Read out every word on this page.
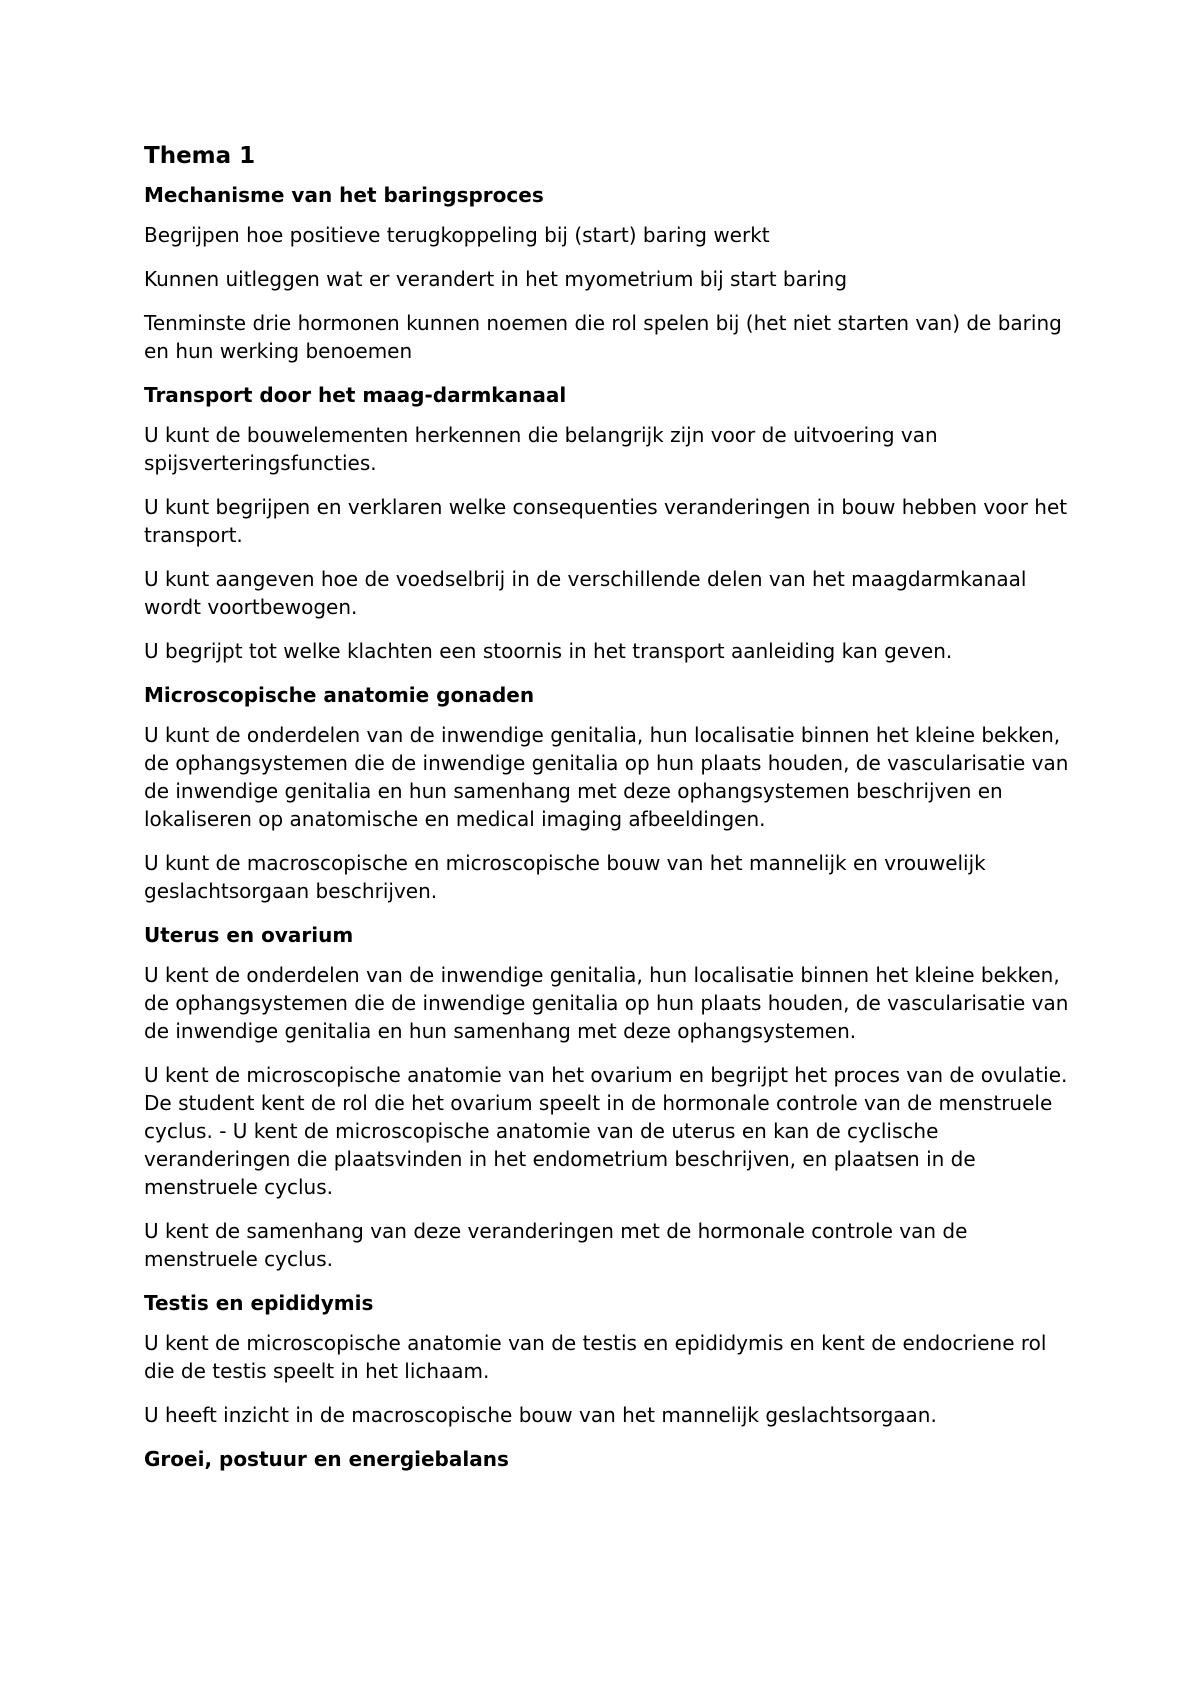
Thema 1
Mechanisme van het baringsproces
Begrijpen hoe positieve terugkoppeling bij (start) baring werkt
Kunnen uitleggen wat er verandert in het myometrium bij start baring
Tenminste drie hormonen kunnen noemen die rol spelen bij (het niet starten van) de baring en hun werking benoemen
Transport door het maag-darmkanaal
U kunt de bouwelementen herkennen die belangrijk zijn voor de uitvoering van spijsverteringsfuncties.
U kunt begrijpen en verklaren welke consequenties veranderingen in bouw hebben voor het transport.
U kunt aangeven hoe de voedselbrij in de verschillende delen van het maagdarmkanaal wordt voortbewogen.
U begrijpt tot welke klachten een stoornis in het transport aanleiding kan geven.
Microscopische anatomie gonaden
U kunt de onderdelen van de inwendige genitalia, hun localisatie binnen het kleine bekken, de ophangsystemen die de inwendige genitalia op hun plaats houden, de vascularisatie van de inwendige genitalia en hun samenhang met deze ophangsystemen beschrijven en lokaliseren op anatomische en medical imaging afbeeldingen.
U kunt de macroscopische en microscopische bouw van het mannelijk en vrouwelijk geslachtsorgaan beschrijven.
Uterus en ovarium
U kent de onderdelen van de inwendige genitalia, hun localisatie binnen het kleine bekken, de ophangsystemen die de inwendige genitalia op hun plaats houden, de vascularisatie van de inwendige genitalia en hun samenhang met deze ophangsystemen.
U kent de microscopische anatomie van het ovarium en begrijpt het proces van de ovulatie. De student kent de rol die het ovarium speelt in de hormonale controle van de menstruele cyclus. - U kent de microscopische anatomie van de uterus en kan de cyclische veranderingen die plaatsvinden in het endometrium beschrijven, en plaatsen in de menstruele cyclus.
U kent de samenhang van deze veranderingen met de hormonale controle van de menstruele cyclus.
Testis en epididymis
U kent de microscopische anatomie van de testis en epididymis en kent de endocriene rol die de testis speelt in het lichaam.
U heeft inzicht in de macroscopische bouw van het mannelijk geslachtsorgaan.
Groei, postuur en energiebalans
